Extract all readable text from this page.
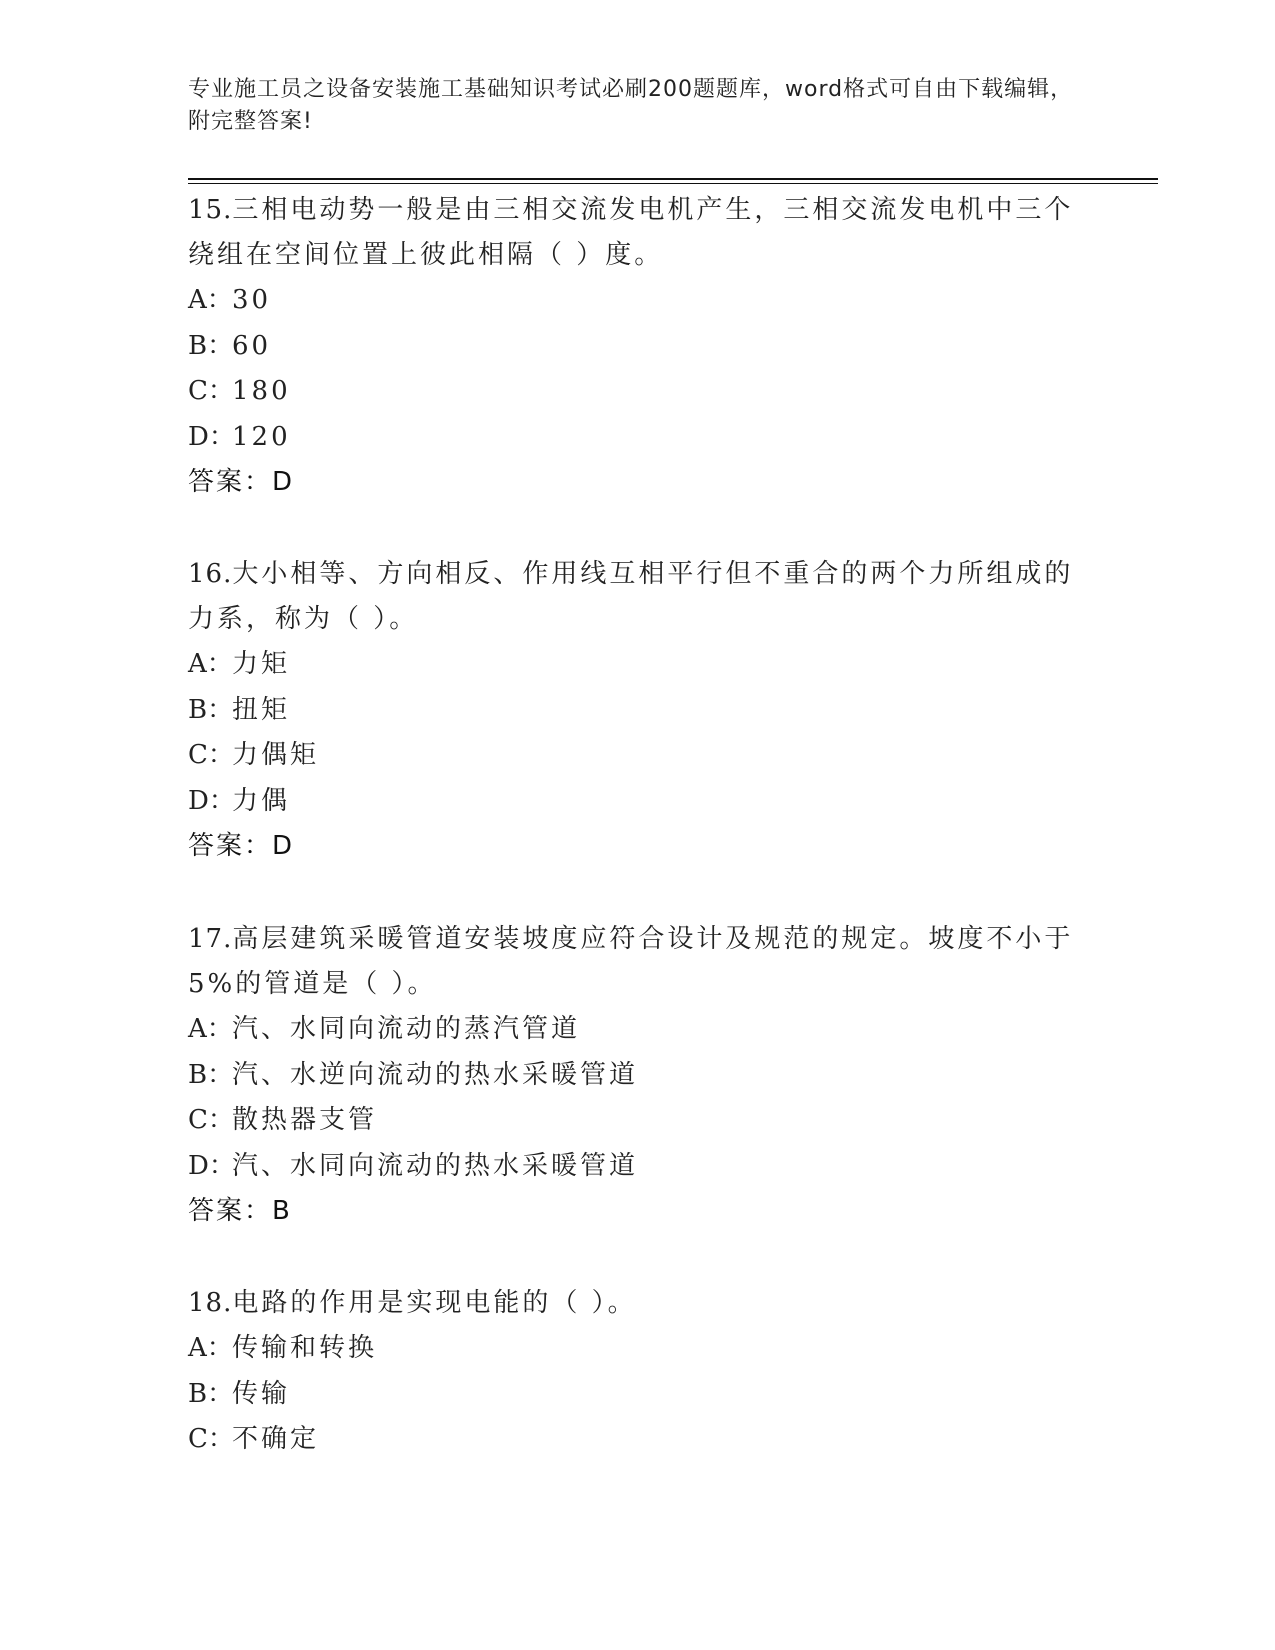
专业施工员之设备安装施工基础知识考试必刷200题题库，word格式可自由下载编辑，附完整答案!
15.三相电动势一般是由三相交流发电机产生，三相交流发电机中三个绕组在空间位置上彼此相隔（ ）度。
A：30
B：60
C：180
D：120
答案：D
16.大小相等、方向相反、作用线互相平行但不重合的两个力所组成的力系，称为（ ）。
A：力矩
B：扭矩
C：力偶矩
D：力偶
答案：D
17.高层建筑采暖管道安装坡度应符合设计及规范的规定。坡度不小于5%的管道是（ ）。
A：汽、水同向流动的蒸汽管道
B：汽、水逆向流动的热水采暖管道
C：散热器支管
D：汽、水同向流动的热水采暖管道
答案：B
18.电路的作用是实现电能的（ ）。
A：传输和转换
B：传输
C：不确定
